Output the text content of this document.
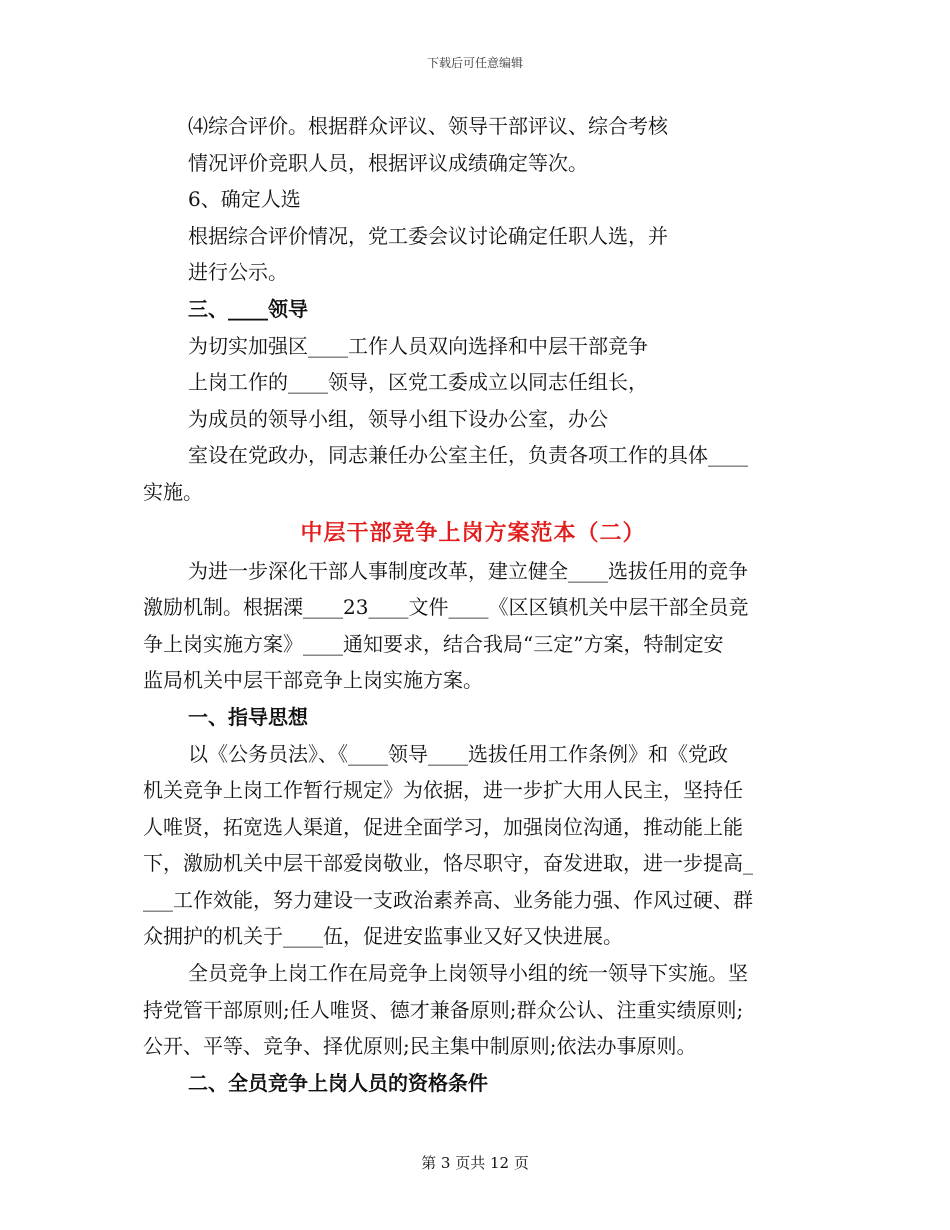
下载后可任意编辑

⑷综合评价。根据群众评议、领导干部评议、综合考核

情况评价竞职人员，根据评议成绩确定等次。

6、确定人选

根据综合评价情况，党工委会议讨论确定任职人选，并

进行公示。

三、____领导

为切实加强区____工作人员双向选择和中层干部竞争

上岗工作的____领导，区党工委成立以同志任组长，

为成员的领导小组，领导小组下设办公室，办公

室设在党政办，同志兼任办公室主任，负责各项工作的具体____

实施。

中层干部竞争上岗方案范本（二）

为进一步深化干部人事制度改革，建立健全____选拔任用的竞争

激励机制。根据溧____23____文件____《区区镇机关中层干部全员竞

争上岗实施方案》____通知要求，结合我局“三定”方案，特制定安

监局机关中层干部竞争上岗实施方案。

一、指导思想

以《公务员法》、《____领导____选拔任用工作条例》和《党政

机关竞争上岗工作暂行规定》为依据，进一步扩大用人民主，坚持任

人唯贤，拓宽选人渠道，促进全面学习，加强岗位沟通，推动能上能

下，激励机关中层干部爱岗敬业，恪尽职守，奋发进取，进一步提高_

___工作效能，努力建设一支政治素养高、业务能力强、作风过硬、群

众拥护的机关于____伍，促进安监事业又好又快进展。

全员竞争上岗工作在局竞争上岗领导小组的统一领导下实施。坚

持党管干部原则;任人唯贤、德才兼备原则;群众公认、注重实绩原则;

公开、平等、竞争、择优原则;民主集中制原则;依法办事原则。

二、全员竞争上岗人员的资格条件

第 3 页共 12 页
